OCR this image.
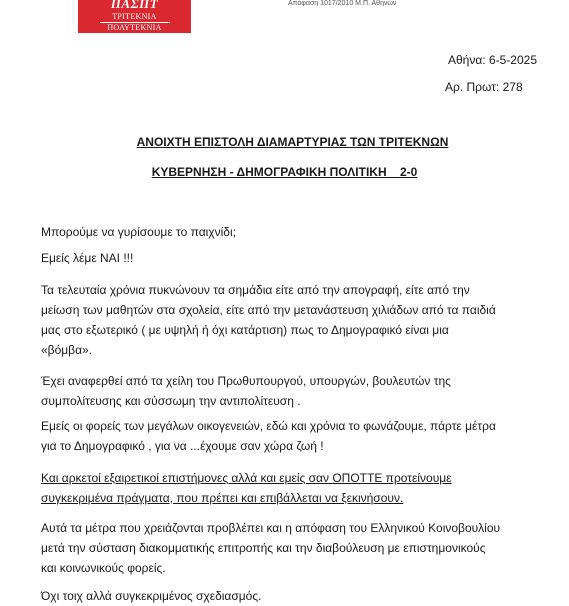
ΠΑΣΠΤ
ΤΡΙΤΕΚΝΙΑ
ΠΟΛΥΤΕΚΝΙΑ
Απόφαση 1017/2010 Μ.Π. Αθηνών
Αθήνα: 6-5-2025
Αρ. Πρωτ: 278
ΑΝΟΙΧΤΗ ΕΠΙΣΤΟΛΗ ΔΙΑΜΑΡΤΥΡΙΑΣ ΤΩΝ ΤΡΙΤΕΚΝΩΝ
ΚΥΒΕΡΝΗΣΗ - ΔΗΜΟΓΡΑΦΙΚΗ ΠΟΛΙΤΙΚΗ    2-0

Μπορούμε να γυρίσουμε το παιχνίδι;

Εμείς λέμε ΝΑΙ !!!

Τα τελευταία χρόνια πυκνώνουν τα σημάδια είτε από την απογραφή, είτε από την
μείωση των μαθητών στα σχολεία, είτε από την μετανάστευση χιλιάδων από τα παιδιά
μας στο εξωτερικό ( με υψηλή ή όχι κατάρτιση) πως το Δημογραφικό είναι μια
«βόμβα».

Έχει αναφερθεί από τα χείλη του Πρωθυπουργού, υπουργών, βουλευτών της
συμπολίτευσης και σύσσωμη την αντιπολίτευση .

Εμείς οι φορείς των μεγάλων οικογενειών, εδώ και χρόνια το φωνάζουμε, πάρτε μέτρα
για το Δημογραφικό , για να ...έχουμε σαν χώρα ζωή !

Και αρκετοί εξαιρετικοί επιστήμονες αλλά και εμείς σαν ΟΠΟΤΤΕ προτείνουμε
συγκεκριμένα πράγματα, που πρέπει και επιβάλλεται να ξεκινήσουν.

Αυτά τα μέτρα που χρειάζονται προβλέπει και η απόφαση του Ελληνικού Κοινοβουλίου
μετά την σύσταση διακομματικής επιτροπής και την διαβούλευση με επιστημονικούς
και κοινωνικούς φορείς.

Όχι τοιχ αλλά συγκεκριμένος σχεδιασμός.
